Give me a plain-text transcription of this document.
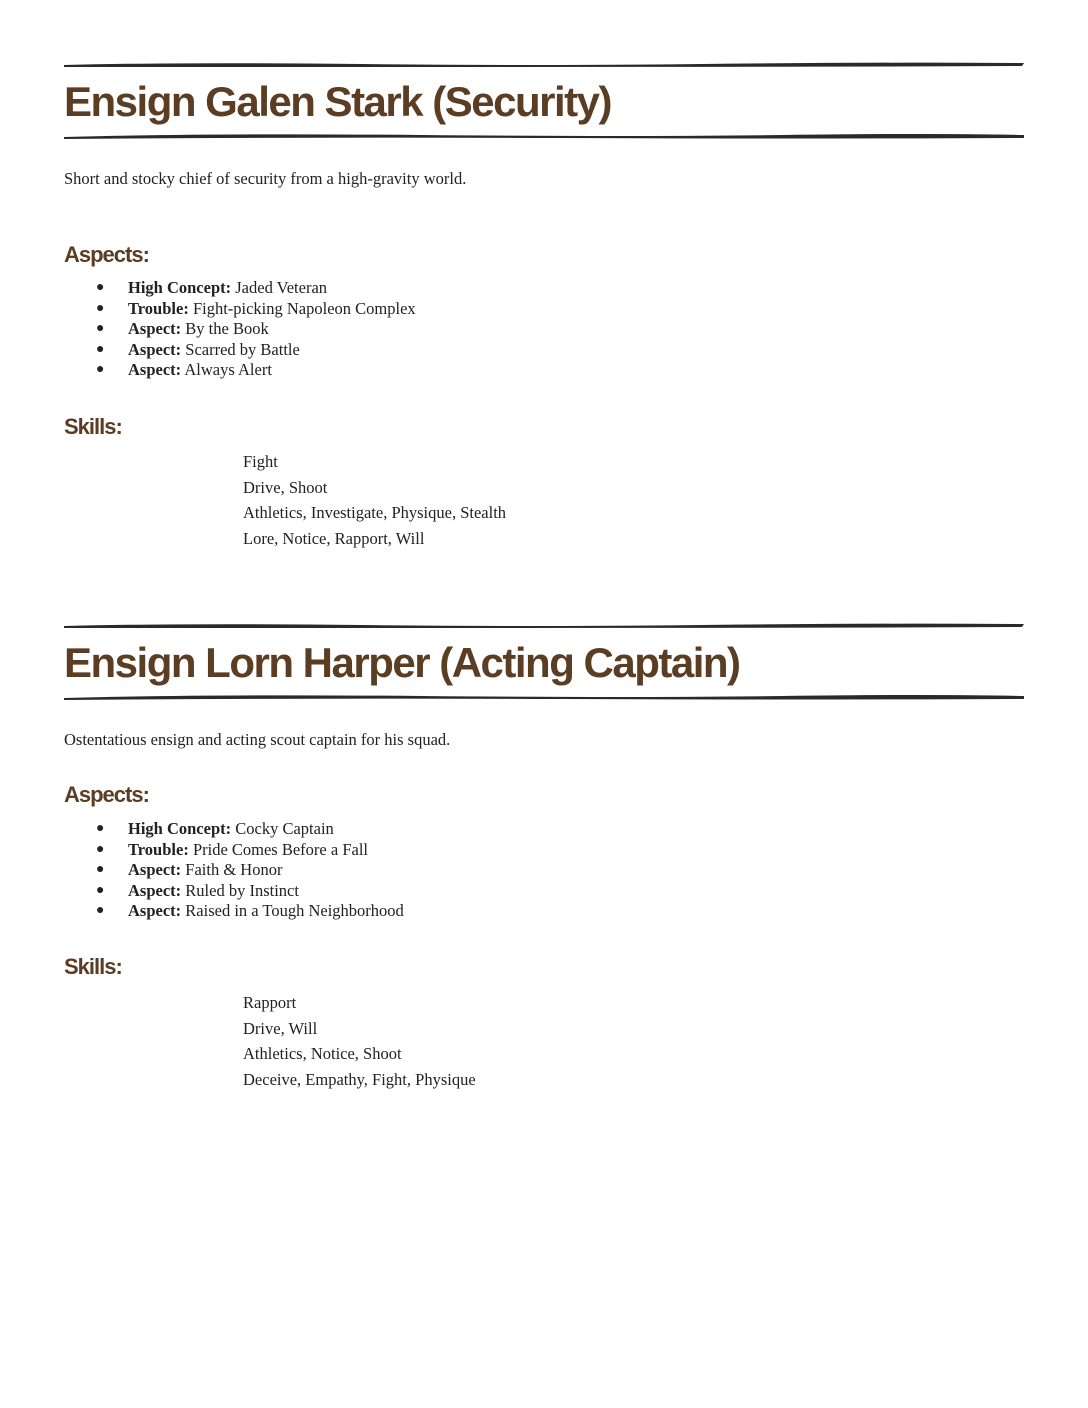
Ensign Galen Stark (Security)

Short and stocky chief of security from a high-gravity world.

Aspects:
● High Concept: Jaded Veteran
● Trouble: Fight-picking Napoleon Complex
● Aspect: By the Book
● Aspect: Scarred by Battle
● Aspect: Always Alert
Skills:
Fight
Drive, Shoot
Athletics, Investigate, Physique, Stealth
Lore, Notice, Rapport, Will
Ensign Lorn Harper (Acting Captain)

Ostentatious ensign and acting scout captain for his squad.

Aspects:
● High Concept: Cocky Captain
● Trouble: Pride Comes Before a Fall
● Aspect: Faith & Honor
● Aspect: Ruled by Instinct
● Aspect: Raised in a Tough Neighborhood
Skills:
Rapport
Drive, Will
Athletics, Notice, Shoot
Deceive, Empathy, Fight, Physique
